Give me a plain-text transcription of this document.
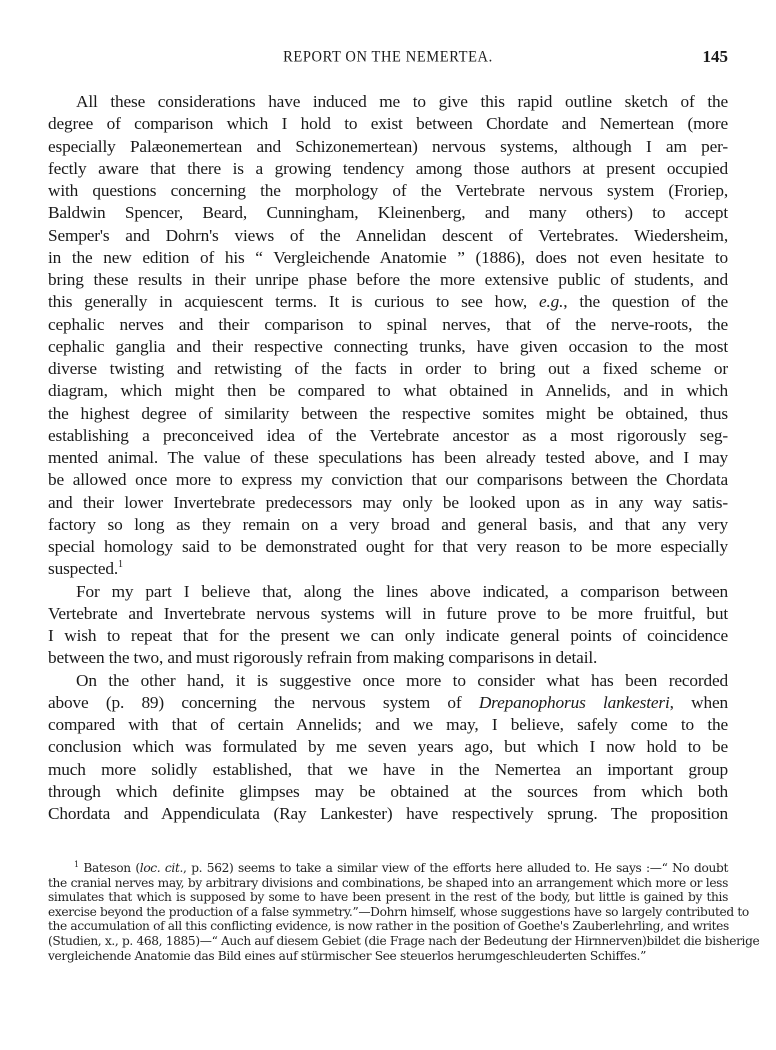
REPORT ON THE NEMERTEA.	145
All these considerations have induced me to give this rapid outline sketch of the
degree of comparison which I hold to exist between Chordate and Nemertean (more
especially Palæonemertean and Schizonemertean) nervous systems, although I am per-
fectly aware that there is a growing tendency among those authors at present occupied
with questions concerning the morphology of the Vertebrate nervous system (Froriep,
Baldwin Spencer, Beard, Cunningham, Kleinenberg, and many others) to accept
Semper's and Dohrn's views of the Annelidan descent of Vertebrates. Wiedersheim,
in the new edition of his “ Vergleichende Anatomie ” (1886), does not even hesitate to
bring these results in their unripe phase before the more extensive public of students, and
this generally in acquiescent terms. It is curious to see how, e.g., the question of the
cephalic nerves and their comparison to spinal nerves, that of the nerve-roots, the
cephalic ganglia and their respective connecting trunks, have given occasion to the most
diverse twisting and retwisting of the facts in order to bring out a fixed scheme or
diagram, which might then be compared to what obtained in Annelids, and in which
the highest degree of similarity between the respective somites might be obtained, thus
establishing a preconceived idea of the Vertebrate ancestor as a most rigorously seg-
mented animal. The value of these speculations has been already tested above, and I may
be allowed once more to express my conviction that our comparisons between the Chordata
and their lower Invertebrate predecessors may only be looked upon as in any way satis-
factory so long as they remain on a very broad and general basis, and that any very
special homology said to be demonstrated ought for that very reason to be more especially
suspected.$^1$
For my part I believe that, along the lines above indicated, a comparison between
Vertebrate and Invertebrate nervous systems will in future prove to be more fruitful, but
I wish to repeat that for the present we can only indicate general points of coincidence
between the two, and must rigorously refrain from making comparisons in detail.
On the other hand, it is suggestive once more to consider what has been recorded
above (p. 89) concerning the nervous system of Drepanophorus lankesteri, when
compared with that of certain Annelids; and we may, I believe, safely come to the
conclusion which was formulated by me seven years ago, but which I now hold to be
much more solidly established, that we have in the Nemertea an important group
through which definite glimpses may be obtained at the sources from which both
Chordata and Appendiculata (Ray Lankester) have respectively sprung. The proposition
$^1$ Bateson (loc. cit., p. 562) seems to take a similar view of the efforts here alluded to. He says :—“ No doubt
the cranial nerves may, by arbitrary divisions and combinations, be shaped into an arrangement which more or less
simulates that which is supposed by some to have been present in the rest of the body, but little is gained by this
exercise beyond the production of a false symmetry.”—Dohrn himself, whose suggestions have so largely contributed to
the accumulation of all this conflicting evidence, is now rather in the position of Goethe's Zauberlehrling, and writes
(Studien, x., p. 468, 1885)—“ Auch auf diesem Gebiet (die Frage nach der Bedeutung der Hirnnerven)bildet die bisherige
vergleichende Anatomie das Bild eines auf stürmischer See steuerlos herumgeschleuderten Schiffes.”
